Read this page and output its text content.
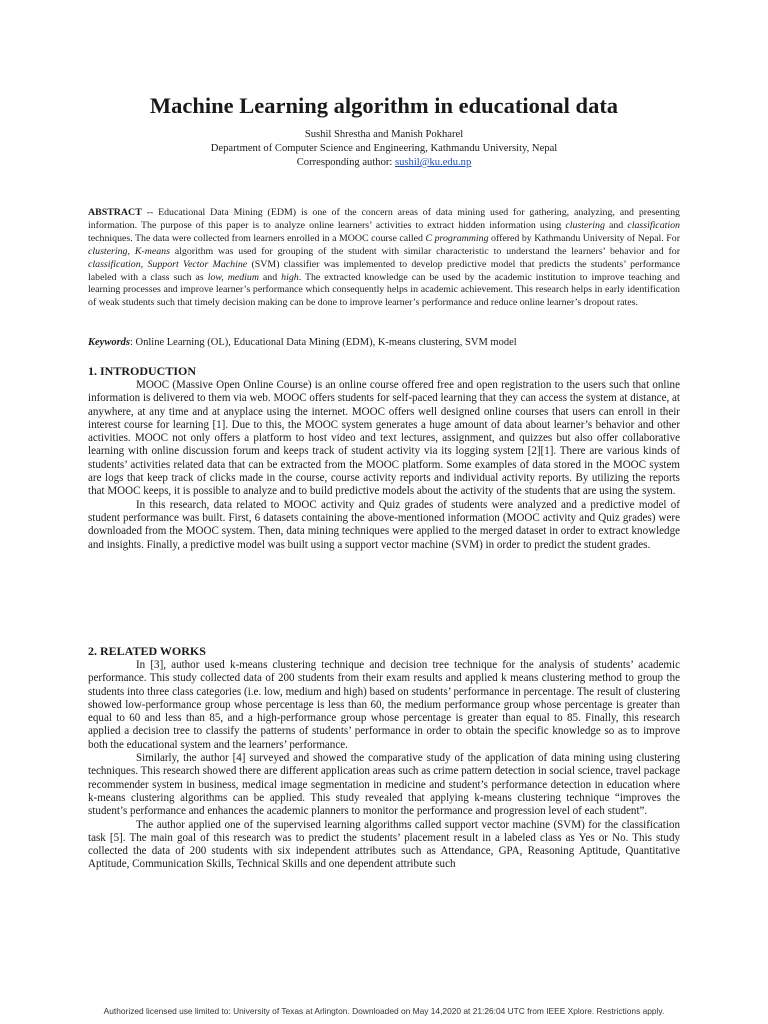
Machine Learning algorithm in educational data
Sushil Shrestha and Manish Pokharel
Department of Computer Science and Engineering, Kathmandu University, Nepal
Corresponding author: sushil@ku.edu.np

ABSTRACT -- Educational Data Mining (EDM) is one of the concern areas of data mining used for gathering, analyzing, and presenting information. The purpose of this paper is to analyze online learners’ activities to extract hidden information using clustering and classification techniques. The data were collected from learners enrolled in a MOOC course called C programming offered by Kathmandu University of Nepal. For clustering, K-means algorithm was used for grouping of the student with similar characteristic to understand the learners’ behavior and for classification, Support Vector Machine (SVM) classifier was implemented to develop predictive model that predicts the students’ performance labeled with a class such as low, medium and high. The extracted knowledge can be used by the academic institution to improve teaching and learning processes and improve learner’s performance which consequently helps in academic achievement. This research helps in early identification of weak students such that timely decision making can be done to improve learner’s performance and reduce online learner’s dropout rates.

Keywords: Online Learning (OL), Educational Data Mining (EDM), K-means clustering, SVM model

1. INTRODUCTION

MOOC (Massive Open Online Course) is an online course offered free and open registration to the users such that online information is delivered to them via web. MOOC offers students for self-paced learning that they can access the system at distance, at anywhere, at any time and at anyplace using the internet. MOOC offers well designed online courses that users can enroll in their interest course for learning [1]. Due to this, the MOOC system generates a huge amount of data about learner’s behavior and other activities. MOOC not only offers a platform to host video and text lectures, assignment, and quizzes but also offer collaborative learning with online discussion forum and keeps track of student activity via its logging system [2][1]. There are various kinds of students’ activities related data that can be extracted from the MOOC platform. Some examples of data stored in the MOOC system are logs that keep track of clicks made in the course, course activity reports and individual activity reports. By utilizing the reports that MOOC keeps, it is possible to analyze and to build predictive models about the activity of the students that are using the system.

In this research, data related to MOOC activity and Quiz grades of students were analyzed and a predictive model of student performance was built. First, 6 datasets containing the above-mentioned information (MOOC activity and Quiz grades) were downloaded from the MOOC system. Then, data mining techniques were applied to the merged dataset in order to extract knowledge and insights. Finally, a predictive model was built using a support vector machine (SVM) in order to predict the student grades.

2. RELATED WORKS

In [3], author used k-means clustering technique and decision tree technique for the analysis of students’ academic performance. This study collected data of 200 students from their exam results and applied k means clustering method to group the students into three class categories (i.e. low, medium and high) based on students’ performance in percentage. The result of clustering showed low-performance group whose percentage is less than 60, the medium performance group whose percentage is greater than equal to 60 and less than 85, and a high-performance group whose percentage is greater than equal to 85. Finally, this research applied a decision tree to classify the patterns of students’ performance in order to obtain the specific knowledge so as to improve both the educational system and the learners’ performance.

Similarly, the author [4] surveyed and showed the comparative study of the application of data mining using clustering techniques. This research showed there are different application areas such as crime pattern detection in social science, travel package recommender system in business, medical image segmentation in medicine and student’s performance detection in education where k-means clustering algorithms can be applied. This study revealed that applying k-means clustering technique “improves the student’s performance and enhances the academic planners to monitor the performance and progression level of each student”.

The author applied one of the supervised learning algorithms called support vector machine (SVM) for the classification task [5]. The main goal of this research was to predict the students’ placement result in a labeled class as Yes or No. This study collected the data of 200 students with six independent attributes such as Attendance, GPA, Reasoning Aptitude, Quantitative Aptitude, Communication Skills, Technical Skills and one dependent attribute such

Authorized licensed use limited to: University of Texas at Arlington. Downloaded on May 14,2020 at 21:26:04 UTC from IEEE Xplore. Restrictions apply.
